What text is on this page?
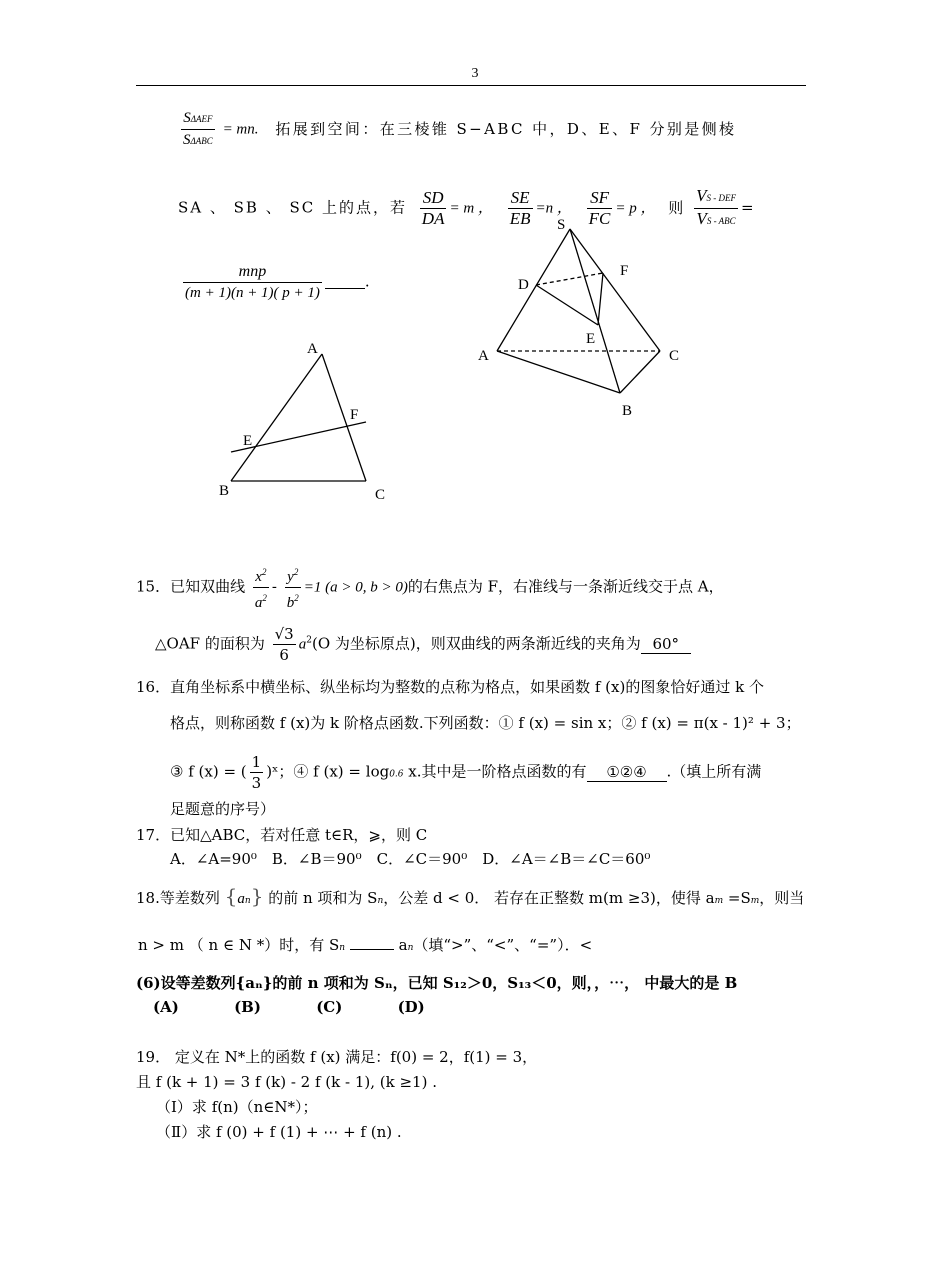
3
$\frac{\text{SΔAEF}}{\text{SΔABC}}$ = mn. 拓展到空间：在三棱锥 S−ABC 中，D、E、F 分别是侧棱
SA 、 SB 、 SC 上的点，若 $\frac{SD}{DA} = m$ ， $\frac{SE}{EB} =n$ ， $\frac{SF}{FC} = p$ ， 则 $\frac{\text{VS - DEF}}{\text{VS - ABC}}$ =
$\frac{\text{mnp}}{(m + 1)(n + 1)( p + 1)}$	.
S
D
F
E
A	C
B
A
E
F
B	C
15．已知双曲线 $\frac{x^2}{a^2} - \frac{y^2}{b^2} =1$ (a > 0, b > 0)的右焦点为 F，右准线与一条渐近线交于点 A，
△OAF 的面积为 $\frac{√3}{6} a^2(O$ 为坐标原点)，则双曲线的两条渐近线的夹角为 60°
16．直角坐标系中横坐标、纵坐标均为整数的点称为格点，如果函数 f (x)的图象恰好通过 k 个
格点，则称函数 f (x)为 k 阶格点函数.下列函数：① f (x) = sin x；② f (x) = π(x - 1)² + 3；
③ f (x) = ( $\frac{1}{3}$ )ˣ；④ f (x) = log0.6 x.其中是一阶格点函数的有 ①②④ .（填上所有满
足题意的序号）
17．已知△ABC，若对任意 t∈R，⩾，则 C
A．∠A=90⁰　B．∠B＝90⁰　C．∠C＝90⁰　D．∠A＝∠B＝∠C＝60⁰
18.等差数列 {an} 的前 n 项和为 Sn，公差 d < 0． 若存在正整数 m(m ≥3)，使得 am =Sm，则当
n > m （ n ∈ N *）时，有 Sn	an（填“>”、“<”、“=”）．<
(6)设等差数列{aₙ}的前 n 项和为 Sₙ，已知 S₁₂＞0，S₁₃＜0，则，，⋯， 中最大的是 B
(A)	(B)	(C)	(D)
19． 定义在 N*上的函数 f (x) 满足：f(0) = 2，f(1) = 3，
且 f (k + 1) = 3 f (k) - 2 f (k - 1), (k ≥1) .
（Ⅰ）求 f(n)（n∈N*）；
（Ⅱ）求 f (0) + f (1) + ⋯ + f (n) .
